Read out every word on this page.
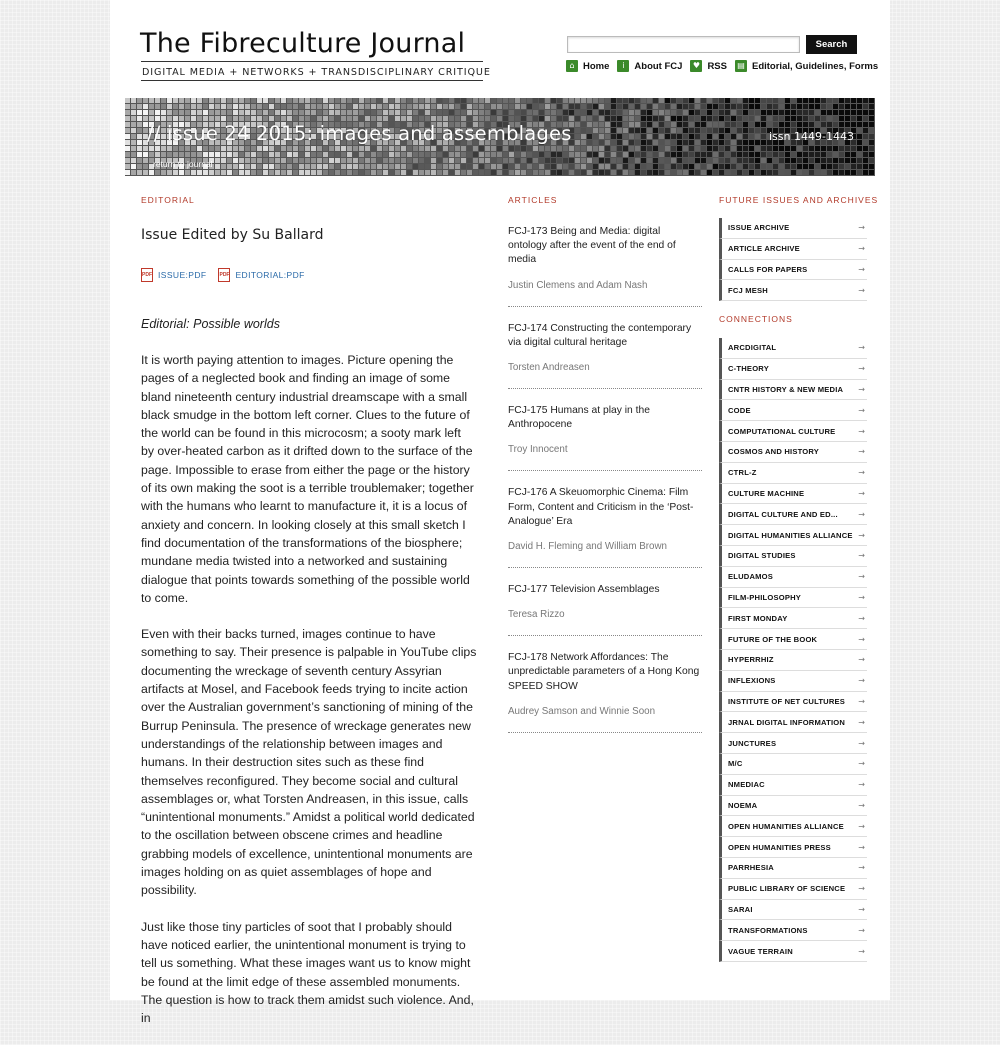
The Fibreculture Journal
DIGITAL MEDIA + NETWORKS + TRANSDISCIPLINARY CRITIQUE
Search
⌂ Home	i	About FCJ	♥ RSS ▤ Editorial, Guidelines, Forms
// issue 24 2015: images and assemblages	issn 1449-1443
return to journal
EDITORIAL	ARTICLES	FUTURE ISSUES AND ARCHIVES
Issue Edited by Su Ballard
PDF ISSUE:PDF	PDF EDITORIAL:PDF
Editorial: Possible worlds

It is worth paying attention to images. Picture opening the pages of a neglected book and finding an image of some bland nineteenth century industrial dreamscape with a small black smudge in the bottom left corner. Clues to the future of the world can be found in this microcosm; a sooty mark left by over-heated carbon as it drifted down to the surface of the page. Impossible to erase from either the page or the history of its own making the soot is a terrible troublemaker; together with the humans who learnt to manufacture it, it is a locus of anxiety and concern. In looking closely at this small sketch I find documentation of the transformations of the biosphere; mundane media twisted into a networked and sustaining dialogue that points towards something of the possible world to come.

Even with their backs turned, images continue to have something to say. Their presence is palpable in YouTube clips documenting the wreckage of seventh century Assyrian artifacts at Mosel, and Facebook feeds trying to incite action over the Australian government’s sanctioning of mining of the Burrup Peninsula. The presence of wreckage generates new understandings of the relationship between images and humans. In their destruction sites such as these find themselves reconfigured. They become social and cultural assemblages or, what Torsten Andreasen, in this issue, calls “unintentional monuments.” Amidst a political world dedicated to the oscillation between obscene crimes and headline grabbing models of excellence, unintentional monuments are images holding on as quiet assemblages of hope and possibility.

Just like those tiny particles of soot that I probably should have noticed earlier, the unintentional monument is trying to tell us something. What these images want us to know might be found at the limit edge of these assembled monuments. The question is how to track them amidst such violence. And, in

FCJ-173 Being and Media: digital ontology after the event of the end of media
Justin Clemens and Adam Nash
FCJ-174 Constructing the contemporary via digital cultural heritage
Torsten Andreasen
FCJ-175 Humans at play in the Anthropocene
Troy Innocent
FCJ-176 A Skeuomorphic Cinema: Film Form, Content and Criticism in the ‘Post-Analogue’ Era
David H. Fleming and William Brown
FCJ-177 Television Assemblages
Teresa Rizzo
FCJ-178 Network Affordances: The unpredictable parameters of a Hong Kong SPEED SHOW
Audrey Samson and Winnie Soon
ISSUE ARCHIVE	→
ARTICLE ARCHIVE	→
CALLS FOR PAPERS	→
FCJ MESH	→
CONNECTIONS
ARCDIGITAL	→
C-THEORY	→
CNTR HISTORY & NEW MEDIA →
CODE	→
COMPUTATIONAL CULTURE	→
COSMOS AND HISTORY	→
CTRL-Z	→
CULTURE MACHINE	→
DIGITAL CULTURE AND ED...	→
DIGITAL HUMANITIES ALLIANCE →
DIGITAL STUDIES	→
ELUDAMOS	→
FILM-PHILOSOPHY	→
FIRST MONDAY	→
FUTURE OF THE BOOK	→
HYPERRHIZ	→
INFLEXIONS	→
INSTITUTE OF NET CULTURES →
JRNAL DIGITAL INFORMATION →
JUNCTURES	→
M/C	→
NMEDIAC	→
NOEMA	→
OPEN HUMANITIES ALLIANCE →
OPEN HUMANITIES PRESS	→
PARRHESIA	→
PUBLIC LIBRARY OF SCIENCE →
SARAI	→
TRANSFORMATIONS	→
VAGUE TERRAIN	→
